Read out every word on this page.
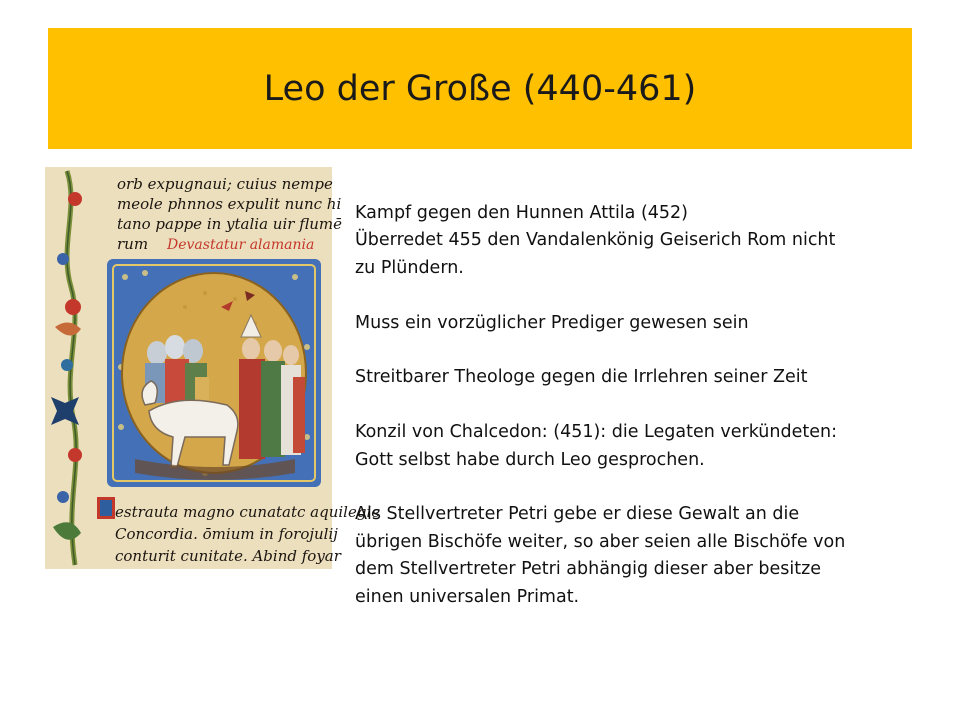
Leo der Große (440-461)
orb expugnaui; cuius nempe
meole phnnos expulit nunc hi
tano pappe in ytalia uir flumē
rum Devastatur alamania
estrauta magno cunatatc aquilegie
Concordia. ōmium in forojulij
conturit cunitate. Abind foyar

Kampf gegen den Hunnen Attila (452)

Überredet 455 den Vandalenkönig Geiserich Rom nicht

zu Plündern.

Muss ein vorzüglicher Prediger gewesen sein

Streitbarer Theologe gegen die Irrlehren seiner Zeit

Konzil von Chalcedon: (451): die Legaten verkündeten:

Gott selbst habe durch Leo gesprochen.

Als Stellvertreter Petri gebe er diese Gewalt an die

übrigen Bischöfe weiter, so aber seien alle Bischöfe von

dem Stellvertreter Petri abhängig dieser aber besitze

einen universalen Primat.
